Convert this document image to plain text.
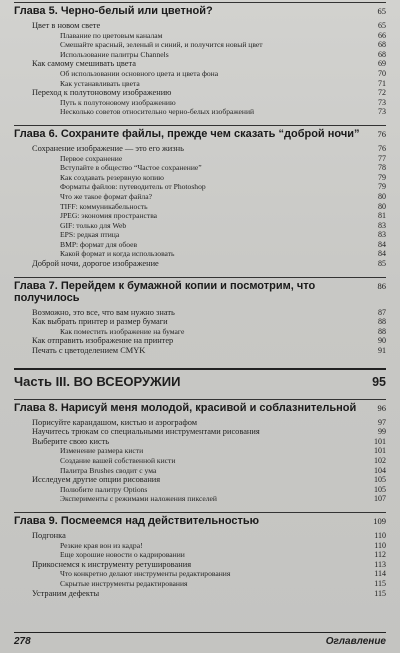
Глава 5. Черно-белый или цветной?	65
Цвет в новом свете	65
Плавание по цветовым каналам	66
Смешайте красный, зеленый и синий, и получится новый цвет	68
Использование палитры Channels	68
Как самому смешивать цвета	69
Об использовании основного цвета и цвета фона	70
Как устанавливать цвета	71
Переход к полутоновому изображению	72
Путь к полутоновому изображению	73
Несколько советов относительно черно-белых изображений	73
Глава 6. Сохраните файлы, прежде чем сказать “доброй ночи” 76
Сохранение изображение — это его жизнь	76
Первое сохранение	77
Вступайте в общество “Частое сохранение”	78
Как создавать резервную копию	79
Форматы файлов: путеводитель от Photoshop	79
Что же такое формат файла?	80
TIFF: коммуникабельность	80
JPEG: экономия пространства	81
GIF: только для Web	83
EPS: редкая птица	83
BMP: формат для обоев	84
Какой формат и когда использовать	84
Доброй ночи, дорогое изображение	85
Глава 7. Перейдем к бумажной копии и посмотрим, что получилось
86
Возможно, это все, что вам нужно знать	87
Как выбрать принтер и размер бумаги	88
Как поместить изображение на бумаге	88
Как отправить изображение на принтер	90
Печать с цветоделением CMYK	91
Часть III. ВО ВСЕОРУЖИИ	95
Глава 8. Нарисуй меня молодой, красивой и соблазнительной 96
Порисуйте карандашом, кистью и аэрографом	97
Научитесь трюкам со специальными инструментами рисования	99
Выберите свою кисть	101
Изменение размера кисти	101
Создание вашей собственной кисти	102
Палитра Brushes сводит с ума	104
Исследуем другие опции рисования	105
Полюбите палитру Options	105
Эксперименты с режимами наложения пикселей	107
Глава 9. Посмеемся над действительностью	109
Подгонка	110
Резкие края вон из кадра!	110
Еще хорошие новости о кадрировании	112
Прикоснемся к инструменту ретуширования	113
Что конкретно делают инструменты редактирования	114
Скрытые инструменты редактирования	115
Устраним дефекты	115
278	Оглавление
